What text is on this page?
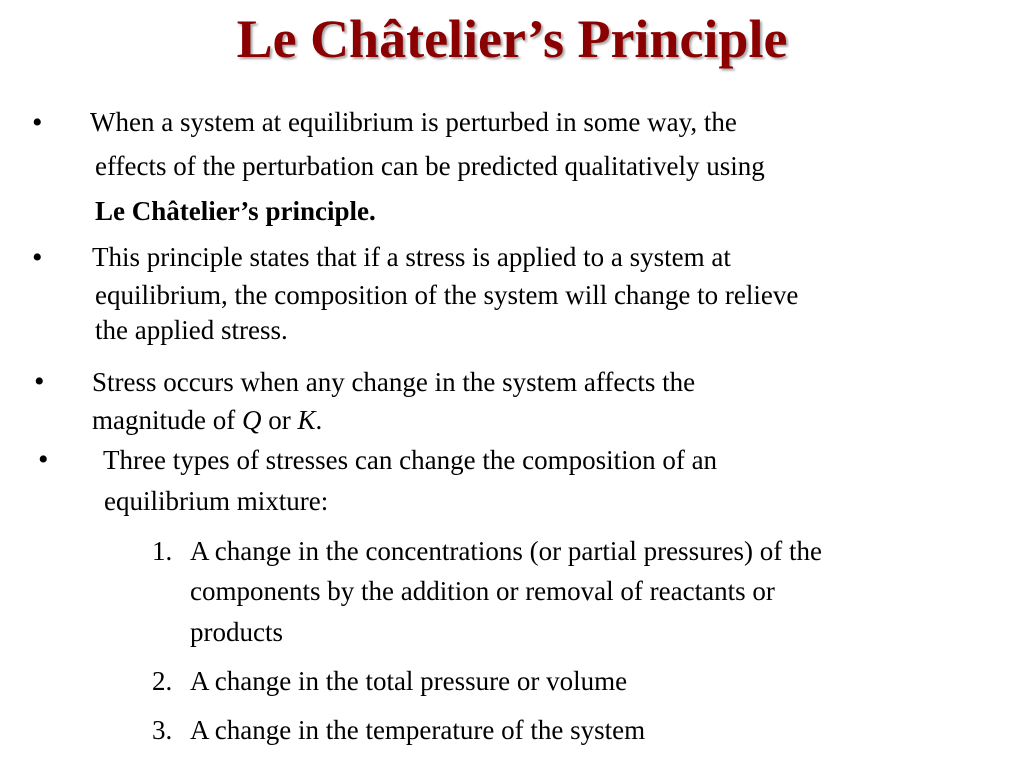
Le Châtelier’s Principle
• When a system at equilibrium is perturbed in some way, the
effects of the perturbation can be predicted qualitatively using
Le Châtelier’s principle.
• This principle states that if a stress is applied to a system at
equilibrium, the composition of the system will change to relieve
the applied stress.
• Stress occurs when any change in the system affects the
magnitude of Q or K.
• Three types of stresses can change the composition of an
equilibrium mixture:
1. A change in the concentrations (or partial pressures) of the
components by the addition or removal of reactants or
products
2. A change in the total pressure or volume
3. A change in the temperature of the system
